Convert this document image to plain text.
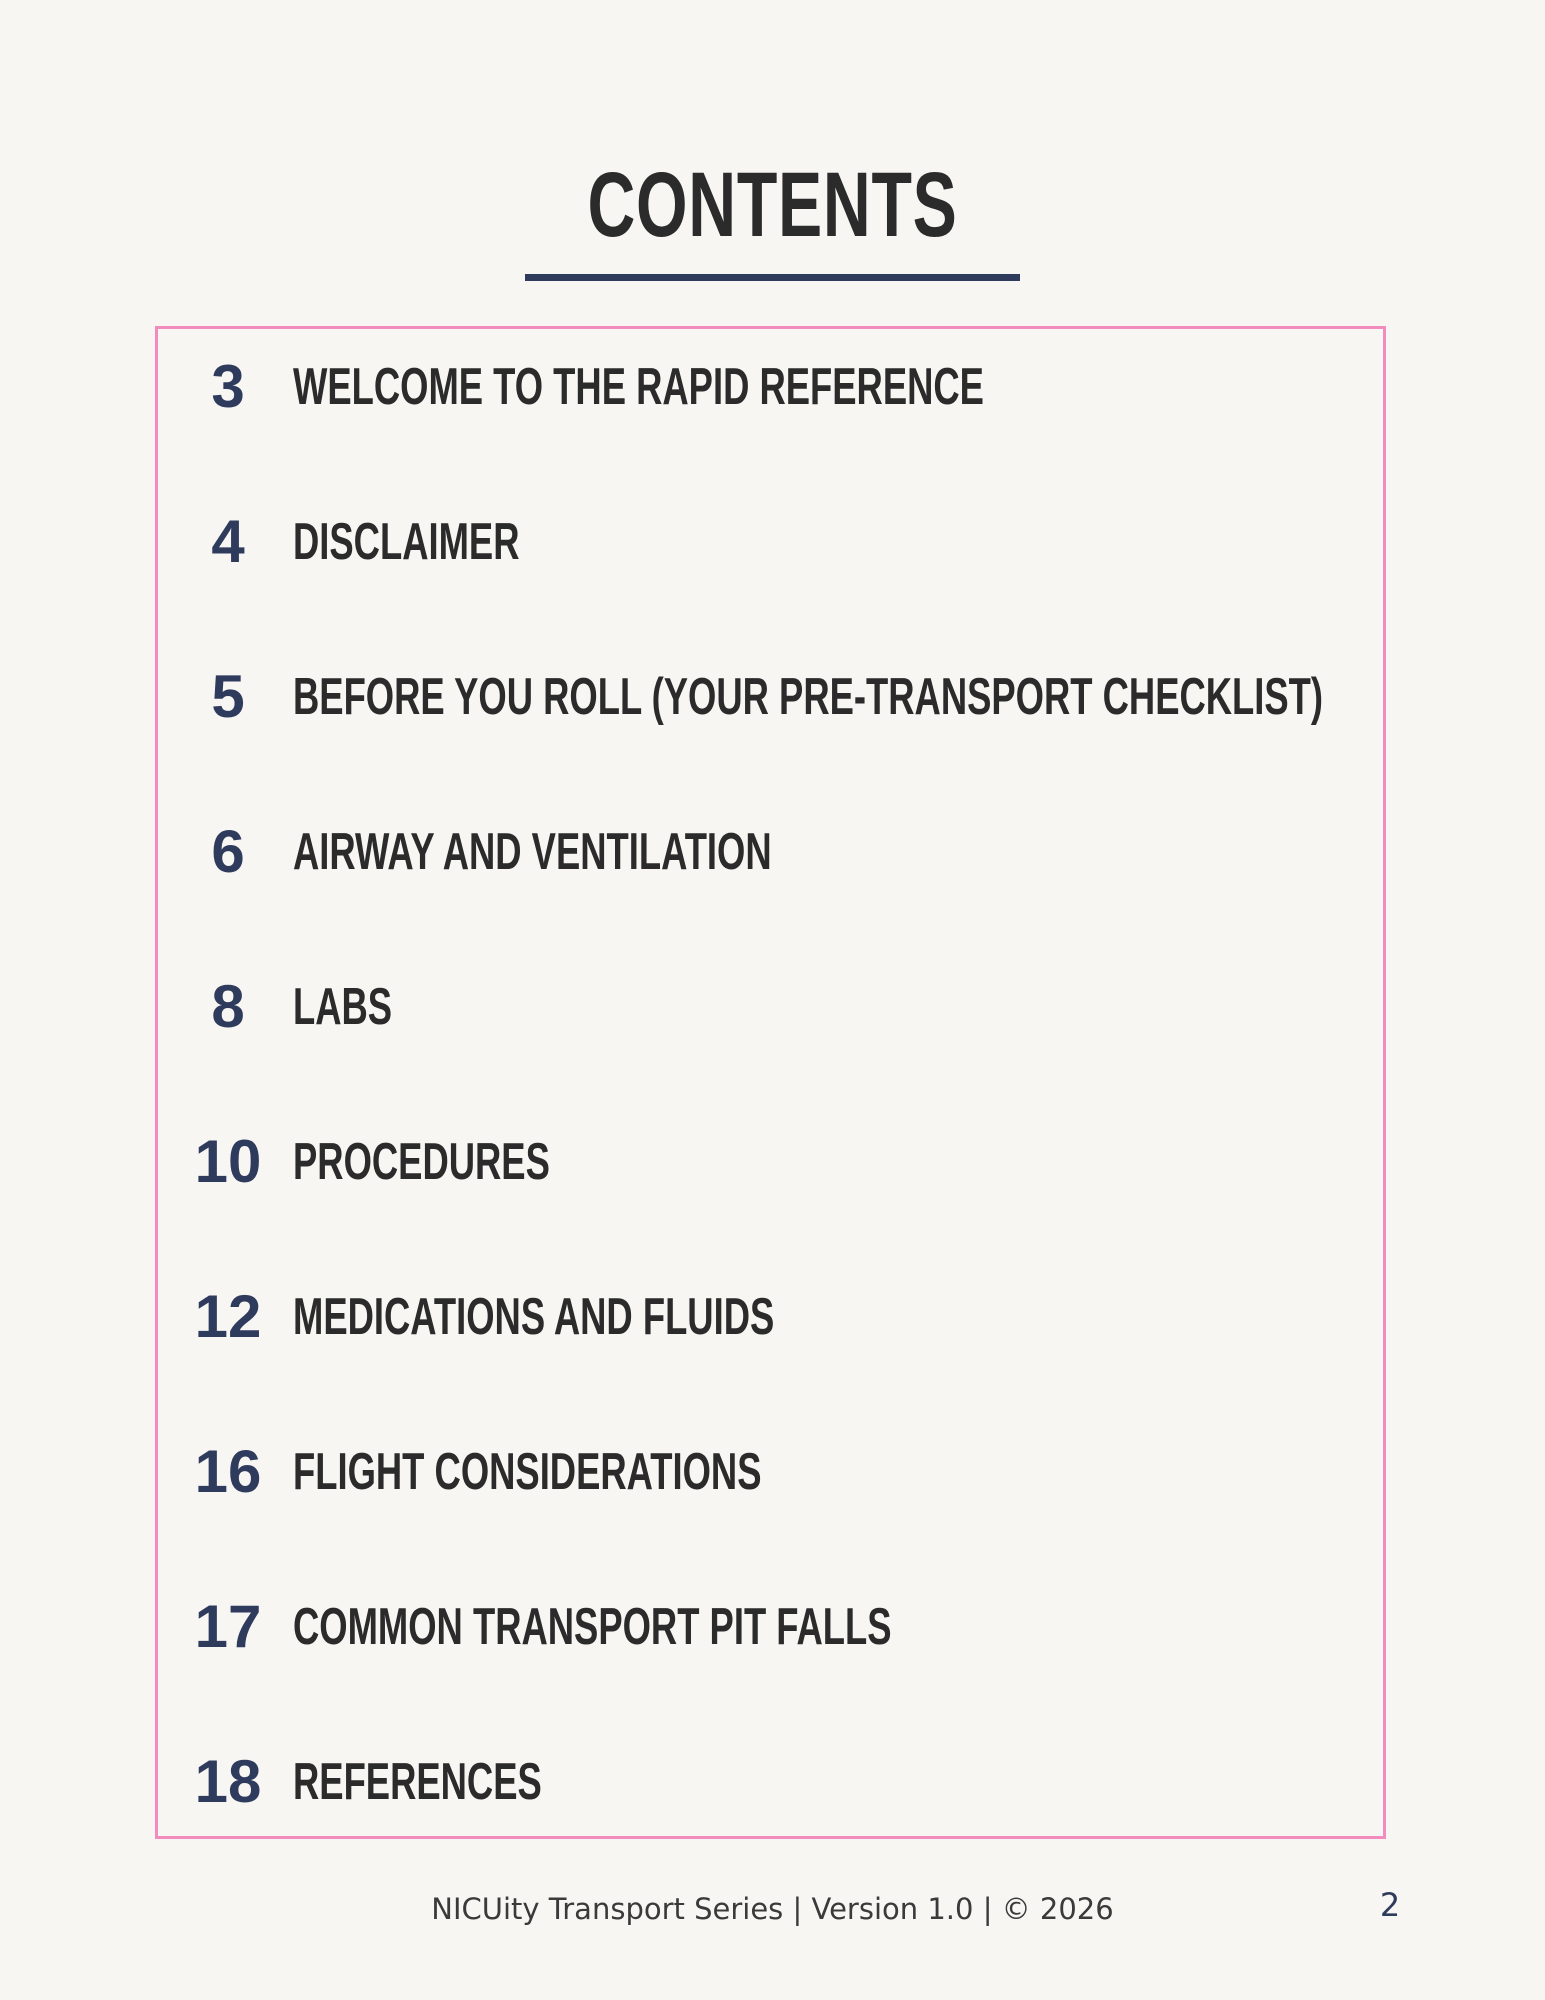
CONTENTS
3 WELCOME TO THE RAPID REFERENCE
4 DISCLAIMER
5 BEFORE YOU ROLL (YOUR PRE-TRANSPORT CHECKLIST)
6 AIRWAY AND VENTILATION
8 LABS
10 PROCEDURES
12 MEDICATIONS AND FLUIDS
16 FLIGHT CONSIDERATIONS
17 COMMON TRANSPORT PIT FALLS
18 REFERENCES
NICUity Transport Series | Version 1.0 | © 2026	2
